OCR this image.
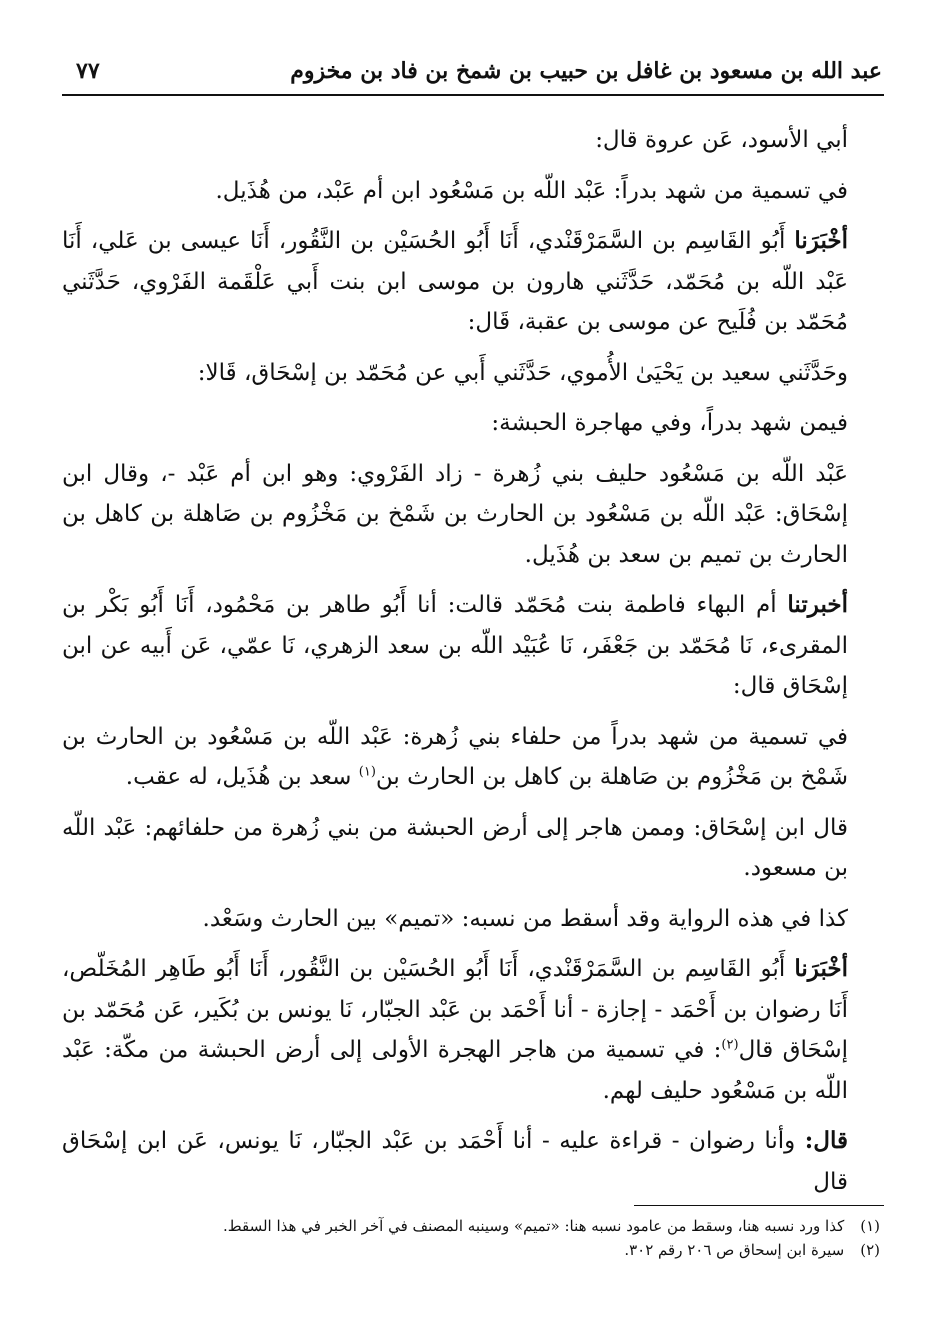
عبد الله بن مسعود بن غافل بن حبيب بن شمخ بن فاد بن مخزوم
٧٧

أبي الأسود، عَن عروة قال:

في تسمية من شهد بدراً: عَبْد اللّه بن مَسْعُود ابن أم عَبْد، من هُذَيل.

أخْبَرَنا أَبُو القَاسِم بن السَّمَرْقَنْدي، أَنَا أَبُو الحُسَيْن بن النَّقُور، أَنَا عيسى بن عَلي، أَنَا عَبْد اللّه بن مُحَمّد، حَدَّثَني هارون بن موسى ابن بنت أَبي عَلْقَمة الفَرْوي، حَدَّثَني مُحَمّد بن فُلَيح عن موسى بن عقبة، قَال:

وحَدَّثَني سعيد بن يَحْيَىٰ الأُموي، حَدَّثَني أَبي عن مُحَمّد بن إسْحَاق، قَالا:

فيمن شهد بدراً، وفي مهاجرة الحبشة:

عَبْد اللّه بن مَسْعُود حليف بني زُهرة - زاد الفَرْوي: وهو ابن أم عَبْد -، وقال ابن إسْحَاق: عَبْد اللّه بن مَسْعُود بن الحارث بن شَمْخ بن مَخْزُوم بن صَاهلة بن كاهل بن الحارث بن تميم بن سعد بن هُذَيل.

أخبرتنا أم البهاء فاطمة بنت مُحَمّد قالت: أنا أَبُو طاهر بن مَحْمُود، أَنَا أَبُو بَكْر بن المقرىء، نَا مُحَمّد بن جَعْفَر، نَا عُبَيْد اللّه بن سعد الزهري، نَا عمّي، عَن أَبيه عن ابن إسْحَاق قال:

في تسمية من شهد بدراً من حلفاء بني زُهرة: عَبْد اللّه بن مَسْعُود بن الحارث بن شَمْخ بن مَخْزُوم بن صَاهلة بن كاهل بن الحارث بن$^{(١)}$ سعد بن هُذَيل، له عقب.

قال ابن إسْحَاق: وممن هاجر إلى أرض الحبشة من بني زُهرة من حلفائهم: عَبْد اللّه بن مسعود.

كذا في هذه الرواية وقد أسقط من نسبه: «تميم» بين الحارث وسَعْد.

أخْبَرَنا أَبُو القَاسِم بن السَّمَرْقَنْدي، أَنَا أَبُو الحُسَيْن بن النَّقُور، أَنَا أَبُو طَاهِر المُخَلّص، أَنَا رضوان بن أَحْمَد - إجازة - أنا أَحْمَد بن عَبْد الجبّار، نَا يونس بن بُكَير، عَن مُحَمّد بن إسْحَاق قال$^{(٢)}$: في تسمية من هاجر الهجرة الأولى إلى أرض الحبشة من مكّة: عَبْد اللّه بن مَسْعُود حليف لهم.

قال: وأنا رضوان - قراءة عليه - أنا أَحْمَد بن عَبْد الجبّار، نَا يونس، عَن ابن إسْحَاق قال

(١)
كذا ورد نسبه هنا، وسقط من عامود نسبه هنا: «تميم» وسينبه المصنف في آخر الخبر في هذا السقط.
(٢)
سيرة ابن إسحاق ص ٢٠٦ رقم ٣٠٢.
